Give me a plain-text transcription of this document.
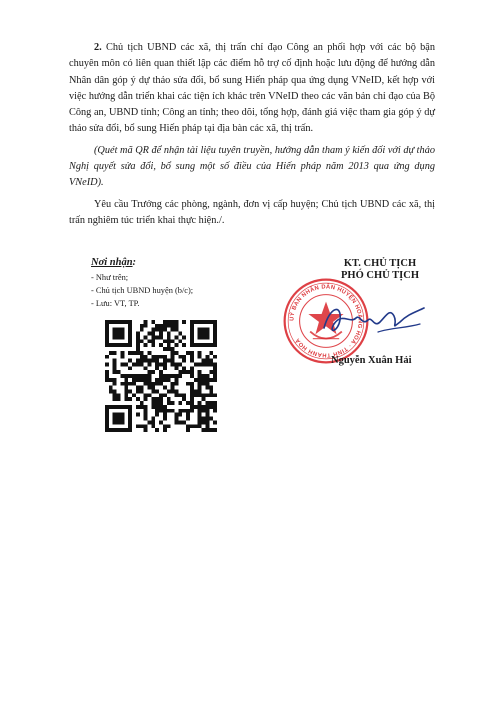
2. Chủ tịch UBND các xã, thị trấn chỉ đạo Công an phối hợp với các bộ bận chuyên môn có liên quan thiết lập các điểm hỗ trợ cố định hoặc lưu động để hướng dẫn Nhân dân góp ý dự thảo sửa đổi, bổ sung Hiến pháp qua ứng dụng VNeID, kết hợp với việc hướng dẫn triển khai các tiện ích khác trên VNeID theo các văn bản chỉ đạo của Bộ Công an, UBND tỉnh; Công an tỉnh; theo dõi, tổng hợp, đánh giá việc tham gia góp ý dự thảo sửa đổi, bổ sung Hiến pháp tại địa bàn các xã, thị trấn.

(Quét mã QR để nhận tài liệu tuyên truyền, hướng dẫn tham ý kiến đối với dự thảo Nghị quyết sửa đổi, bổ sung một số điều của Hiến pháp năm 2013 qua ứng dụng VNeID).

Yêu cầu Trưởng các phòng, ngành, đơn vị cấp huyện; Chủ tịch UBND các xã, thị trấn nghiêm túc triển khai thực hiện./.

Nơi nhận:
- Như trên;
- Chủ tịch UBND huyện (b/c);
- Lưu: VT, TP.
KT. CHỦ TỊCH
PHÓ CHỦ TỊCH
UỶ BAN NHÂN DÂN HUYỆN HOÀNG HOÁ · TỈNH THANH HOÁ
Nguyễn Xuân Hải
